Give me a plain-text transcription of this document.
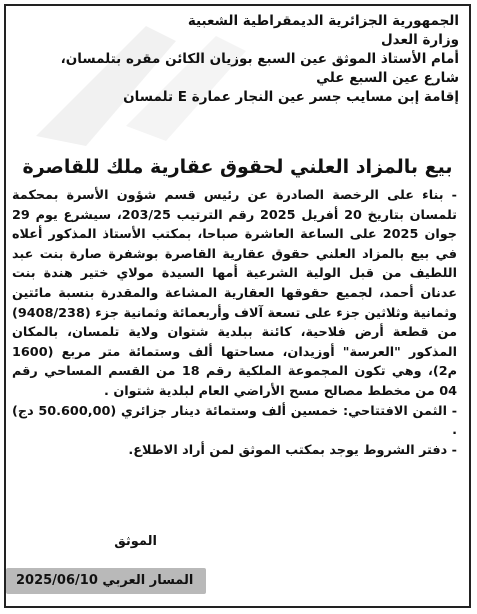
الجمهورية الجزائرية الديمقراطية الشعبية
وزارة العدل
أمام الأستاذ الموثق عين السبع بوزيان الكائن مقره بتلمسان،
شارع عين السبع علي
إقامة إبن مسايب جسر عين النجار عمارة E تلمسان
بيع بالمزاد العلني لحقوق عقارية ملك للقاصرة

- بناء على الرخصة الصادرة عن رئيس قسم شؤون الأسرة بمحكمة تلمسان بتاريخ 20 أفريل 2025 رقم الترتيب 203/25، سيشرع يوم 29 جوان 2025 على الساعة العاشرة صباحا، بمكتب الأستاذ المذكور أعلاه في بيع بالمزاد العلني حقوق عقارية القاصرة بوشفرة صارة بنت عبد اللطيف من قبل الولية الشرعية أمها السيدة مولاي ختير هندة بنت عدنان أحمد، لجميع حقوقها العقارية المشاعة والمقدرة بنسبة مائتين وثمانية وثلاثين جزء على تسعة آلاف وأربعمائة وثمانية جزء (9408/238) من قطعة أرض فلاحية، كائنة ببلدية شتوان ولاية تلمسان، بالمكان المذكور "العرسة" أوزيدان، مساحتها ألف وستمائة متر مربع (1600 م2)، وهي تكون المجموعة الملكية رقم 18 من القسم المساحي رقم 04 من مخطط مصالح مسح الأراضي العام لبلدية شتوان .

- الثمن الافتتاحي: خمسين ألف وستمائة دينار جزائري (50.600,00 دج) .

- دفتر الشروط يوجد بمكتب الموثق لمن أراد الاطلاع.

الموثق
المسار العربي 2025/06/10
